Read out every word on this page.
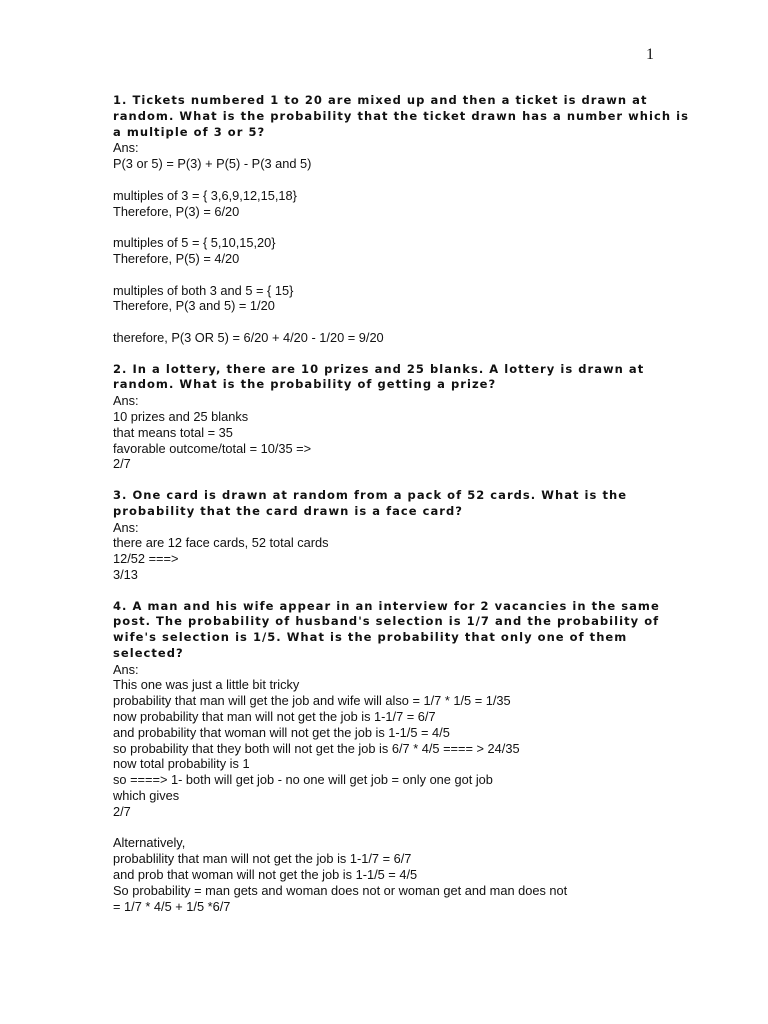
1
1. Tickets numbered 1 to 20 are mixed up and then a ticket is drawn at
random. What is the probability that the ticket drawn has a number which is
a multiple of 3 or 5?
Ans:
P(3 or 5) = P(3) + P(5) - P(3 and 5)
multiples of 3 = { 3,6,9,12,15,18}
Therefore, P(3) = 6/20
multiples of 5 = { 5,10,15,20}
Therefore, P(5) = 4/20
multiples of both 3 and 5 = { 15}
Therefore, P(3 and 5) = 1/20
therefore, P(3 OR 5) = 6/20 + 4/20 - 1/20 = 9/20
2. In a lottery, there are 10 prizes and 25 blanks. A lottery is drawn at
random. What is the probability of getting a prize?
Ans:
10 prizes and 25 blanks
that means total = 35
favorable outcome/total = 10/35 =>
2/7
3. One card is drawn at random from a pack of 52 cards. What is the
probability that the card drawn is a face card?
Ans:
there are 12 face cards, 52 total cards
12/52 ===>
3/13
4. A man and his wife appear in an interview for 2 vacancies in the same
post. The probability of husband's selection is 1/7 and the probability of
wife's selection is 1/5. What is the probability that only one of them
selected?
Ans:
This one was just a little bit tricky
probability that man will get the job and wife will also = 1/7 * 1/5 = 1/35
now probability that man will not get the job is 1-1/7 = 6/7
and probability that woman will not get the job is 1-1/5 = 4/5
so probability that they both will not get the job is 6/7 * 4/5 ==== > 24/35
now total probability is 1
so ====> 1- both will get job - no one will get job = only one got job
which gives
2/7
Alternatively,
probablility that man will not get the job is 1-1/7 = 6/7
and prob that woman will not get the job is 1-1/5 = 4/5
So probability = man gets and woman does not or woman get and man does not
= 1/7 * 4/5 + 1/5 *6/7
